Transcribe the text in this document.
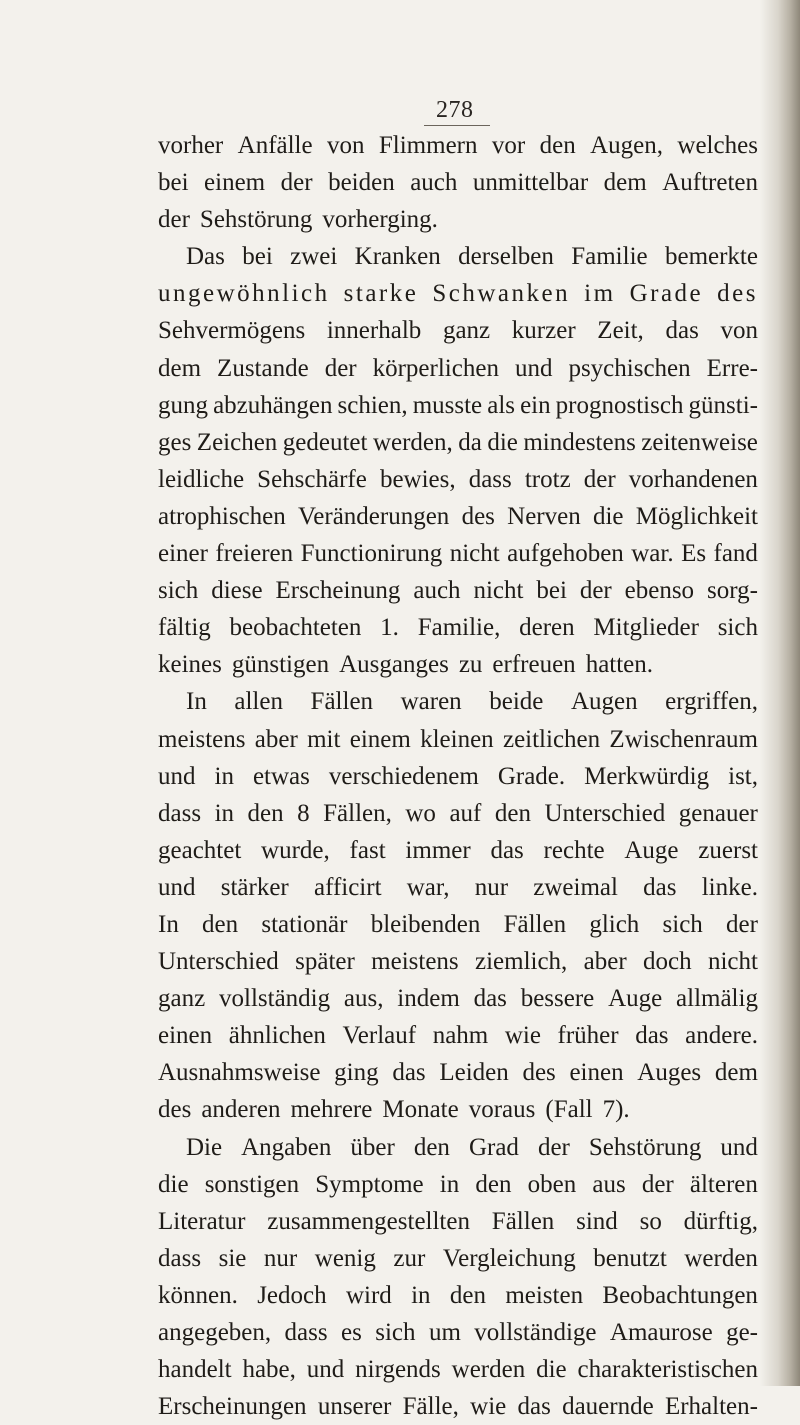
278
vorher Anfälle von Flimmern vor den Augen, welches
bei einem der beiden auch unmittelbar dem Auftreten
der Sehstörung vorherging.
Das bei zwei Kranken derselben Familie bemerkte
ungewöhnlich starke Schwanken im Grade des
Sehvermögens innerhalb ganz kurzer Zeit, das von
dem Zustande der körperlichen und psychischen Erre-
gung abzuhängen schien, musste als ein prognostisch günsti-
ges Zeichen gedeutet werden, da die mindestens zeitenweise
leidliche Sehschärfe bewies, dass trotz der vorhandenen
atrophischen Veränderungen des Nerven die Möglichkeit
einer freieren Functionirung nicht aufgehoben war. Es fand
sich diese Erscheinung auch nicht bei der ebenso sorg-
fältig beobachteten 1. Familie, deren Mitglieder sich
keines günstigen Ausganges zu erfreuen hatten.
In allen Fällen waren beide Augen ergriffen,
meistens aber mit einem kleinen zeitlichen Zwischenraum
und in etwas verschiedenem Grade. Merkwürdig ist,
dass in den 8 Fällen, wo auf den Unterschied genauer
geachtet wurde, fast immer das rechte Auge zuerst
und stärker afficirt war, nur zweimal das linke.
In den stationär bleibenden Fällen glich sich der
Unterschied später meistens ziemlich, aber doch nicht
ganz vollständig aus, indem das bessere Auge allmälig
einen ähnlichen Verlauf nahm wie früher das andere.
Ausnahmsweise ging das Leiden des einen Auges dem
des anderen mehrere Monate voraus (Fall 7).
Die Angaben über den Grad der Sehstörung und
die sonstigen Symptome in den oben aus der älteren
Literatur zusammengestellten Fällen sind so dürftig,
dass sie nur wenig zur Vergleichung benutzt werden
können. Jedoch wird in den meisten Beobachtungen
angegeben, dass es sich um vollständige Amaurose ge-
handelt habe, und nirgends werden die charakteristischen
Erscheinungen unserer Fälle, wie das dauernde Erhalten-
